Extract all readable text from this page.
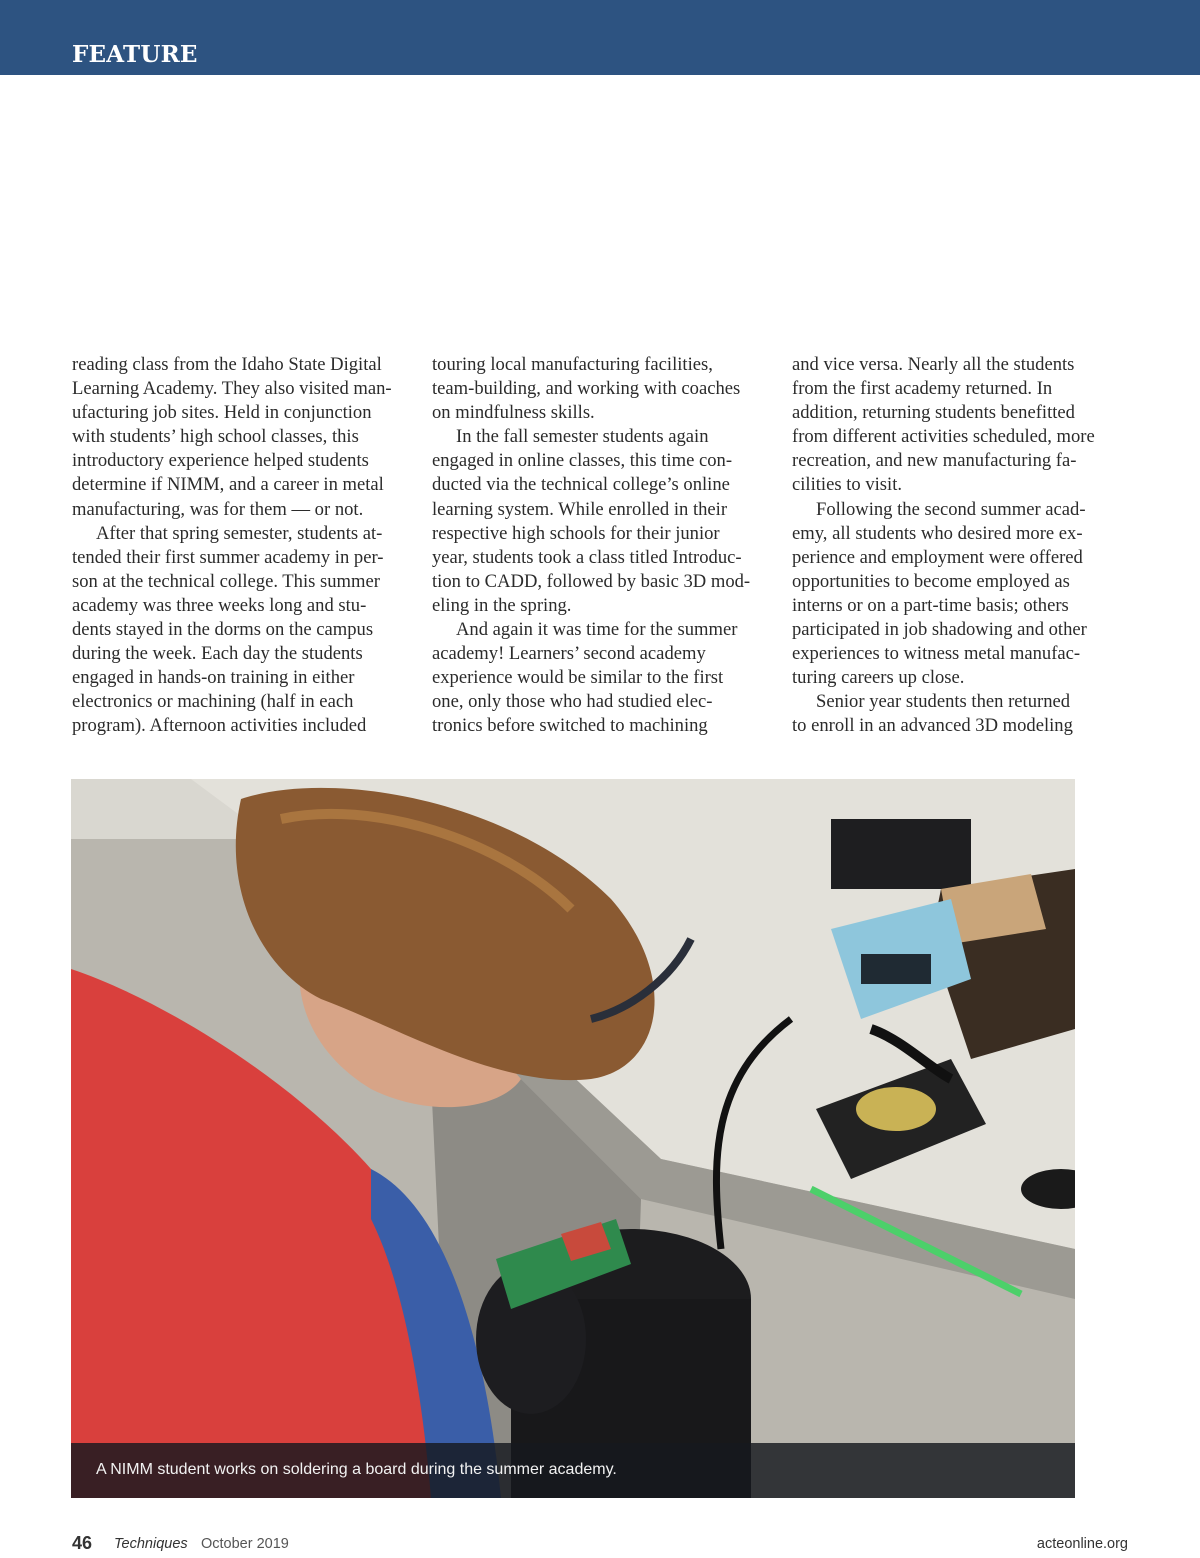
FEATURE
reading class from the Idaho State Digital
Learning Academy. They also visited man-
ufacturing job sites. Held in conjunction
with students’ high school classes, this
introductory experience helped students
determine if NIMM, and a career in metal
manufacturing, was for them — or not.
After that spring semester, students at-
tended their first summer academy in per-
son at the technical college. This summer
academy was three weeks long and stu-
dents stayed in the dorms on the campus
during the week. Each day the students
engaged in hands-on training in either
electronics or machining (half in each
program). Afternoon activities included
touring local manufacturing facilities,
team-building, and working with coaches
on mindfulness skills.
In the fall semester students again
engaged in online classes, this time con-
ducted via the technical college’s online
learning system. While enrolled in their
respective high schools for their junior
year, students took a class titled Introduc-
tion to CADD, followed by basic 3D mod-
eling in the spring.
And again it was time for the summer
academy! Learners’ second academy
experience would be similar to the first
one, only those who had studied elec-
tronics before switched to machining
and vice versa. Nearly all the students
from the first academy returned. In
addition, returning students benefitted
from different activities scheduled, more
recreation, and new manufacturing fa-
cilities to visit.
Following the second summer acad-
emy, all students who desired more ex-
perience and employment were offered
opportunities to become employed as
interns or on a part-time basis; others
participated in job shadowing and other
experiences to witness metal manufac-
turing careers up close.
Senior year students then returned
to enroll in an advanced 3D modeling
A NIMM student works on soldering a board during the summer academy.
46 Techniques October 2019	acteonline.org
